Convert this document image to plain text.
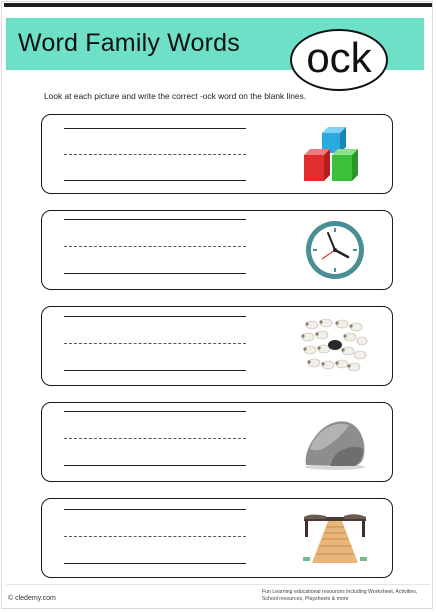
Word Family Words ock
Look at each picture and write the correct -ock word on the blank lines.
© cledemy.com
Fun Learning educational resources including Worksheet, Activities, School resources, Playsheets & more
